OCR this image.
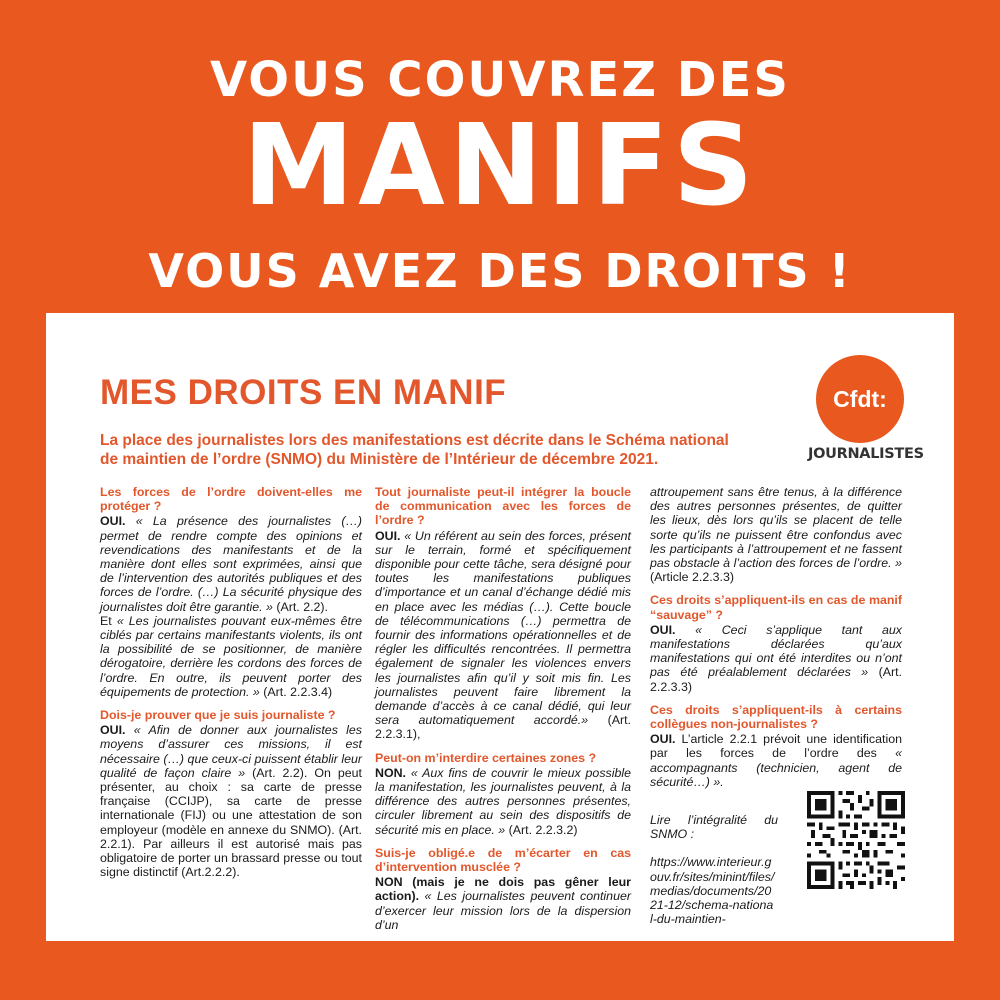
VOUS COUVREZ DES
MANIFS
VOUS AVEZ DES DROITS !
MES DROITS EN MANIF

La place des journalistes lors des manifestations est décrite dans le Schéma national de maintien de l’ordre (SNMO) du Ministère de l’Intérieur de décembre 2021.

Cfdt:
JOURNALISTES

Les forces de l’ordre doivent-elles me protéger ?

OUI. « La présence des journalistes (…) permet de rendre compte des opinions et revendications des manifestants et de la manière dont elles sont exprimées, ainsi que de l’intervention des autorités publiques et des forces de l’ordre. (…) La sécurité physique des journalistes doit être garantie. » (Art. 2.2).

Et « Les journalistes pouvant eux-mêmes être ciblés par certains manifestants violents, ils ont la possibilité de se positionner, de manière dérogatoire, derrière les cordons des forces de l’ordre. En outre, ils peuvent porter des équipements de protection. » (Art. 2.2.3.4)

Dois-je prouver que je suis journaliste ?

OUI. « Afin de donner aux journalistes les moyens d’assurer ces missions, il est nécessaire (…) que ceux-ci puissent établir leur qualité de façon claire » (Art. 2.2). On peut présenter, au choix : sa carte de presse française (CCIJP), sa carte de presse internationale (FIJ) ou une attestation de son employeur (modèle en annexe du SNMO). (Art. 2.2.1). Par ailleurs il est autorisé mais pas obligatoire de porter un brassard presse ou tout signe distinctif (Art.2.2.2).

Tout journaliste peut-il intégrer la boucle de communication avec les forces de l’ordre ?

OUI. « Un référent au sein des forces, présent sur le terrain, formé et spécifiquement disponible pour cette tâche, sera désigné pour toutes les manifestations publiques d’importance et un canal d’échange dédié mis en place avec les médias (…). Cette boucle de télécommunications (…) permettra de fournir des informations opérationnelles et de régler les difficultés rencontrées. Il permettra également de signaler les violences envers les journalistes afin qu’il y soit mis fin. Les journalistes peuvent faire librement la demande d’accès à ce canal dédié, qui leur sera automatiquement accordé.» (Art. 2.2.3.1),

Peut-on m’interdire certaines zones ?

NON. « Aux fins de couvrir le mieux possible la manifestation, les journalistes peuvent, à la différence des autres personnes présentes, circuler librement au sein des dispositifs de sécurité mis en place. » (Art. 2.2.3.2)

Suis-je obligé.e de m’écarter en cas d’intervention musclée ?

NON (mais je ne dois pas gêner leur action). « Les journalistes peuvent continuer d’exercer leur mission lors de la dispersion d’un

attroupement sans être tenus, à la différence des autres personnes présentes, de quitter les lieux, dès lors qu’ils se placent de telle sorte qu’ils ne puissent être confondus avec les participants à l’attroupement et ne fassent pas obstacle à l’action des forces de l’ordre. » (Article 2.2.3.3)

Ces droits s’appliquent-ils en cas de manif “sauvage” ?

OUI. « Ceci s’applique tant aux manifestations déclarées qu’aux manifestations qui ont été interdites ou n’ont pas été préalablement déclarées » (Art. 2.2.3.3)

Ces droits s’appliquent-ils à certains collègues non-journalistes ?

OUI. L’article 2.2.1 prévoit une identification par les forces de l’ordre des « accompagnants (technicien, agent de sécurité…) ».

Lire l’intégralité du SNMO :

https://www.interieur.gouv.fr/sites/minint/files/medias/documents/2021-12/schema-national-du-maintien-
